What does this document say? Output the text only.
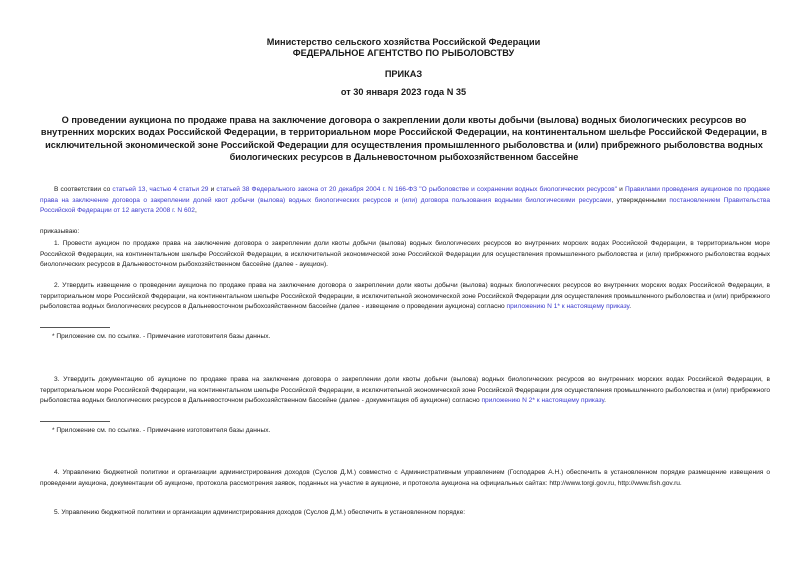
Министерство сельского хозяйства Российской Федерации
ФЕДЕРАЛЬНОЕ АГЕНТСТВО ПО РЫБОЛОВСТВУ
ПРИКАЗ
от 30 января 2023 года N 35
О проведении аукциона по продаже права на заключение договора о закреплении доли квоты добычи (вылова) водных биологических ресурсов во внутренних морских водах Российской Федерации, в территориальном море Российской Федерации, на континентальном шельфе Российской Федерации, в исключительной экономической зоне Российской Федерации для осуществления промышленного рыболовства и (или) прибрежного рыболовства водных биологических ресурсов в Дальневосточном рыбохозяйственном бассейне

В соответствии со статьей 13, частью 4 статьи 29 и статьей 38 Федерального закона от 20 декабря 2004 г. N 166-ФЗ "О рыболовстве и сохранении водных биологических ресурсов" и Правилами проведения аукционов по продаже права на заключение договора о закреплении долей квот добычи (вылова) водных биологических ресурсов и (или) договора пользования водными биологическими ресурсами, утвержденными постановлением Правительства Российской Федерации от 12 августа 2008 г. N 602,

приказываю:

1. Провести аукцион по продаже права на заключение договора о закреплении доли квоты добычи (вылова) водных биологических ресурсов во внутренних морских водах Российской Федерации, в территориальном море Российской Федерации, на континентальном шельфе Российской Федерации, в исключительной экономической зоне Российской Федерации для осуществления промышленного рыболовства и (или) прибрежного рыболовства водных биологических ресурсов в Дальневосточном рыбохозяйственном бассейне (далее - аукцион).

2. Утвердить извещение о проведении аукциона по продаже права на заключение договора о закреплении доли квоты добычи (вылова) водных биологических ресурсов во внутренних морских водах Российской Федерации, в территориальном море Российской Федерации, на континентальном шельфе Российской Федерации, в исключительной экономической зоне Российской Федерации для осуществления промышленного рыболовства и (или) прибрежного рыболовства водных биологических ресурсов в Дальневосточном рыбохозяйственном бассейне (далее - извещение о проведении аукциона) согласно приложению N 1* к настоящему приказу.

* Приложение см. по ссылке. - Примечание изготовителя базы данных.

3. Утвердить документацию об аукционе по продаже права на заключение договора о закреплении доли квоты добычи (вылова) водных биологических ресурсов во внутренних морских водах Российской Федерации, в территориальном море Российской Федерации, на континентальном шельфе Российской Федерации, в исключительной экономической зоне Российской Федерации для осуществления промышленного рыболовства и (или) прибрежного рыболовства водных биологических ресурсов в Дальневосточном рыбохозяйственном бассейне (далее - документация об аукционе) согласно приложению N 2* к настоящему приказу.

* Приложение см. по ссылке. - Примечание изготовителя базы данных.

4. Управлению бюджетной политики и организации администрирования доходов (Суслов Д.М.) совместно с Административным управлением (Господарев А.Н.) обеспечить в установленном порядке размещение извещения о проведении аукциона, документации об аукционе, протокола рассмотрения заявок, поданных на участие в аукционе, и протокола аукциона на официальных сайтах: http://www.torgi.gov.ru, http://www.fish.gov.ru.

5. Управлению бюджетной политики и организации администрирования доходов (Суслов Д.М.) обеспечить в установленном порядке:
